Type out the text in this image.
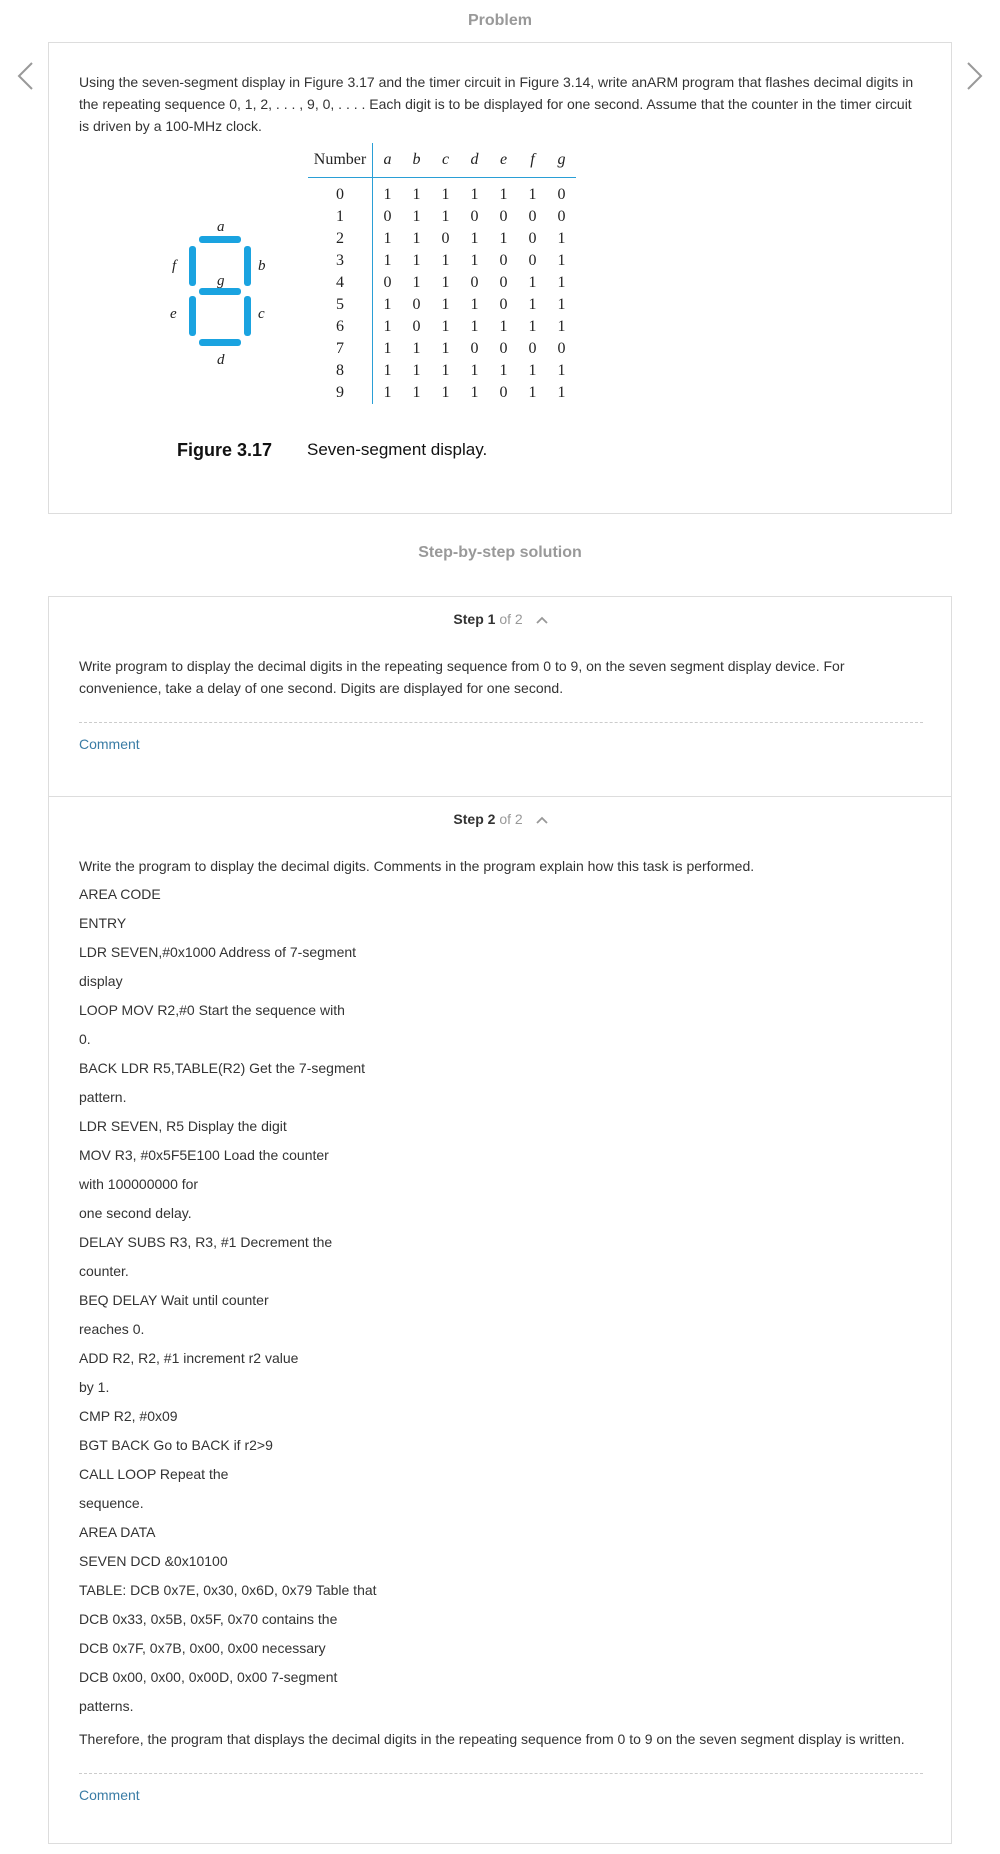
Problem
Using the seven-segment display in Figure 3.17 and the timer circuit in Figure 3.14, write anARM program that flashes decimal digits in the repeating sequence 0, 1, 2, . . . , 9, 0, . . . . Each digit is to be displayed for one second. Assume that the counter in the timer circuit is driven by a 100-MHz clock.
a
b
c
d
e
f
g
Number	a	b	c	d	e	f	g
0	1	1	1	1	1	1	0
1	0	1	1	0	0	0	0
2	1	1	0	1	1	0	1
3	1	1	1	1	0	0	1
4	0	1	1	0	0	1	1
5	1	0	1	1	0	1	1
6	1	0	1	1	1	1	1
7	1	1	1	0	0	0	0
8	1	1	1	1	1	1	1
9	1	1	1	1	0	1	1
Figure 3.17 Seven-segment display.
Step-by-step solution
Step 1 of 2
Write program to display the decimal digits in the repeating sequence from 0 to 9, on the seven segment display device. For convenience, take a delay of one second. Digits are displayed for one second.
Comment
Step 2 of 2
Write the program to display the decimal digits. Comments in the program explain how this task is performed.
AREA CODE
ENTRY
LDR SEVEN,#0x1000 Address of 7-segment
display
LOOP MOV R2,#0 Start the sequence with
0.
BACK LDR R5,TABLE(R2) Get the 7-segment
pattern.
LDR SEVEN, R5 Display the digit
MOV R3, #0x5F5E100 Load the counter
with 100000000 for
one second delay.
DELAY SUBS R3, R3, #1 Decrement the
counter.
BEQ DELAY Wait until counter
reaches 0.
ADD R2, R2, #1 increment r2 value
by 1.
CMP R2, #0x09
BGT BACK Go to BACK if r2>9
CALL LOOP Repeat the
sequence.
AREA DATA
SEVEN DCD &0x10100
TABLE: DCB 0x7E, 0x30, 0x6D, 0x79 Table that
DCB 0x33, 0x5B, 0x5F, 0x70 contains the
DCB 0x7F, 0x7B, 0x00, 0x00 necessary
DCB 0x00, 0x00, 0x00D, 0x00 7-segment
patterns.
Therefore, the program that displays the decimal digits in the repeating sequence from 0 to 9 on the seven segment display is written.
Comment
